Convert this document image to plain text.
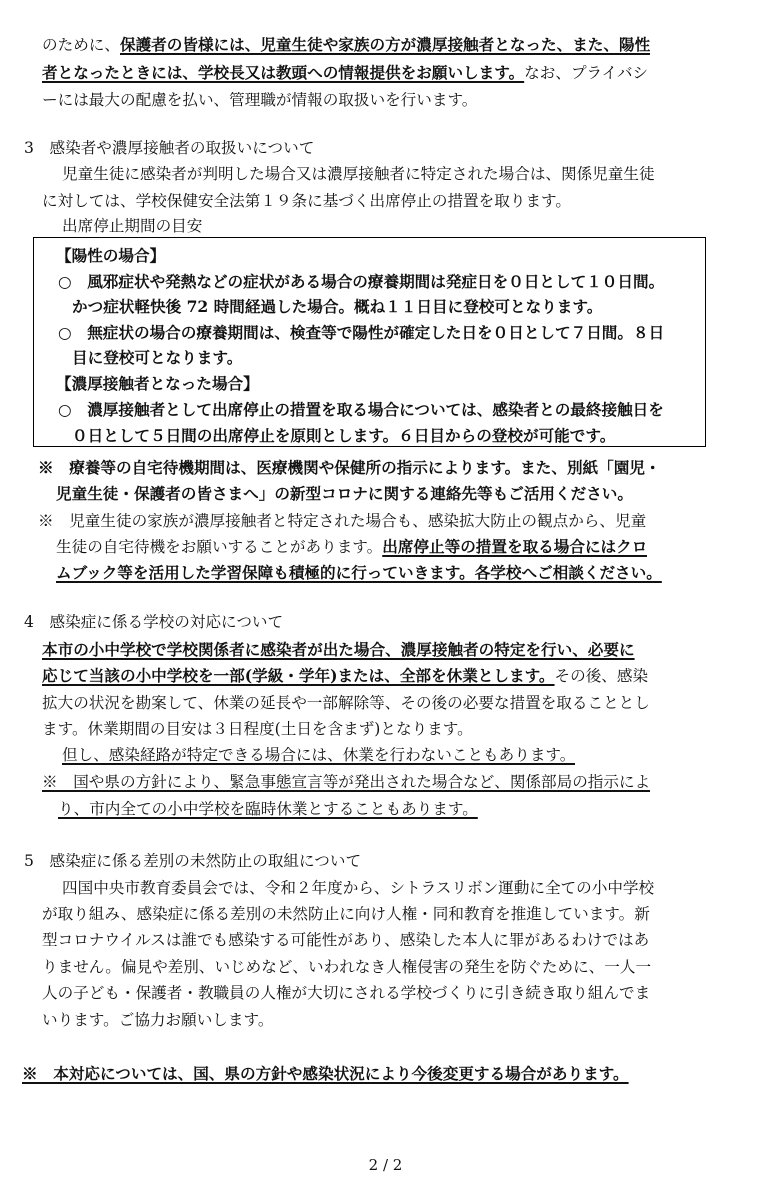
のために、保護者の皆様には、児童生徒や家族の方が濃厚接触者となった、また、陽性
者となったときには、学校長又は教頭への情報提供をお願いします。なお、プライバシ
ーには最大の配慮を払い、管理職が情報の取扱いを行います。
3　感染者や濃厚接触者の取扱いについて
児童生徒に感染者が判明した場合又は濃厚接触者に特定された場合は、関係児童生徒
に対しては、学校保健安全法第１９条に基づく出席停止の措置を取ります。
出席停止期間の目安
【陽性の場合】
○　風邪症状や発熱などの症状がある場合の療養期間は発症日を０日として１０日間。
かつ症状軽快後 72 時間経過した場合。概ね１１日目に登校可となります。
○　無症状の場合の療養期間は、検査等で陽性が確定した日を０日として７日間。８日
目に登校可となります。
【濃厚接触者となった場合】
○　濃厚接触者として出席停止の措置を取る場合については、感染者との最終接触日を
０日として５日間の出席停止を原則とします。６日目からの登校が可能です。
※　療養等の自宅待機期間は、医療機関や保健所の指示によります。また、別紙「園児・
児童生徒・保護者の皆さまへ」の新型コロナに関する連絡先等もご活用ください。
※　児童生徒の家族が濃厚接触者と特定された場合も、感染拡大防止の観点から、児童
生徒の自宅待機をお願いすることがあります。出席停止等の措置を取る場合にはクロ
ムブック等を活用した学習保障も積極的に行っていきます。各学校へご相談ください。
4　感染症に係る学校の対応について
本市の小中学校で学校関係者に感染者が出た場合、濃厚接触者の特定を行い、必要に
応じて当該の小中学校を一部(学級・学年)または、全部を休業とします。その後、感染
拡大の状況を勘案して、休業の延長や一部解除等、その後の必要な措置を取ることとし
ます。休業期間の目安は３日程度(土日を含まず)となります。
但し、感染経路が特定できる場合には、休業を行わないこともあります。
※　国や県の方針により、緊急事態宣言等が発出された場合など、関係部局の指示によ
り、市内全ての小中学校を臨時休業とすることもあります。
5　感染症に係る差別の未然防止の取組について
四国中央市教育委員会では、令和２年度から、シトラスリボン運動に全ての小中学校
が取り組み、感染症に係る差別の未然防止に向け人権・同和教育を推進しています。新
型コロナウイルスは誰でも感染する可能性があり、感染した本人に罪があるわけではあ
りません。偏見や差別、いじめなど、いわれなき人権侵害の発生を防ぐために、一人一
人の子ども・保護者・教職員の人権が大切にされる学校づくりに引き続き取り組んでま
いります。ご協力お願いします。
※　本対応については、国、県の方針や感染状況により今後変更する場合があります。
2 / 2
